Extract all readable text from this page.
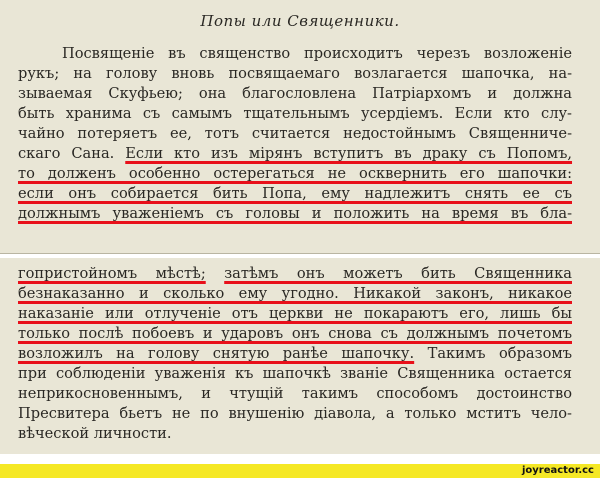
Попы или Священники.
Посвященіе въ священство происходитъ черезъ возложеніе
рукъ; на голову вновь посвящаемаго возлагается шапочка, на-
зываемая Скуфьею; она благословлена Патріархомъ и должна
быть хранима съ самымъ тщательнымъ усердіемъ. Если кто слу-
чайно потеряетъ ее, тотъ считается недостойнымъ Священниче-
скаго Сана. Если кто изъ мірянъ вступитъ въ драку съ Попомъ,
то долженъ особенно остерегаться не осквернить его шапочки:
если онъ собирается бить Попа, ему надлежитъ снять ее съ
должнымъ уваженіемъ съ головы и положить на время въ бла-
гопристойномъ мѣстѣ; затѣмъ онъ можетъ бить Священника
безнаказанно и сколько ему угодно. Никакой законъ, никакое
наказаніе или отлученіе отъ церкви не покараютъ его, лишь бы
только послѣ побоевъ и ударовъ онъ снова съ должнымъ почетомъ
возложилъ на голову снятую ранѣе шапочку. Такимъ образомъ
при соблюденіи уваженія къ шапочкѣ званіе Священника остается
неприкосновеннымъ, и чтущій такимъ способомъ достоинство
Пресвитера бьетъ не по внушенію діавола, а только мститъ чело-
вѣческой личности.
joyreactor.cc
